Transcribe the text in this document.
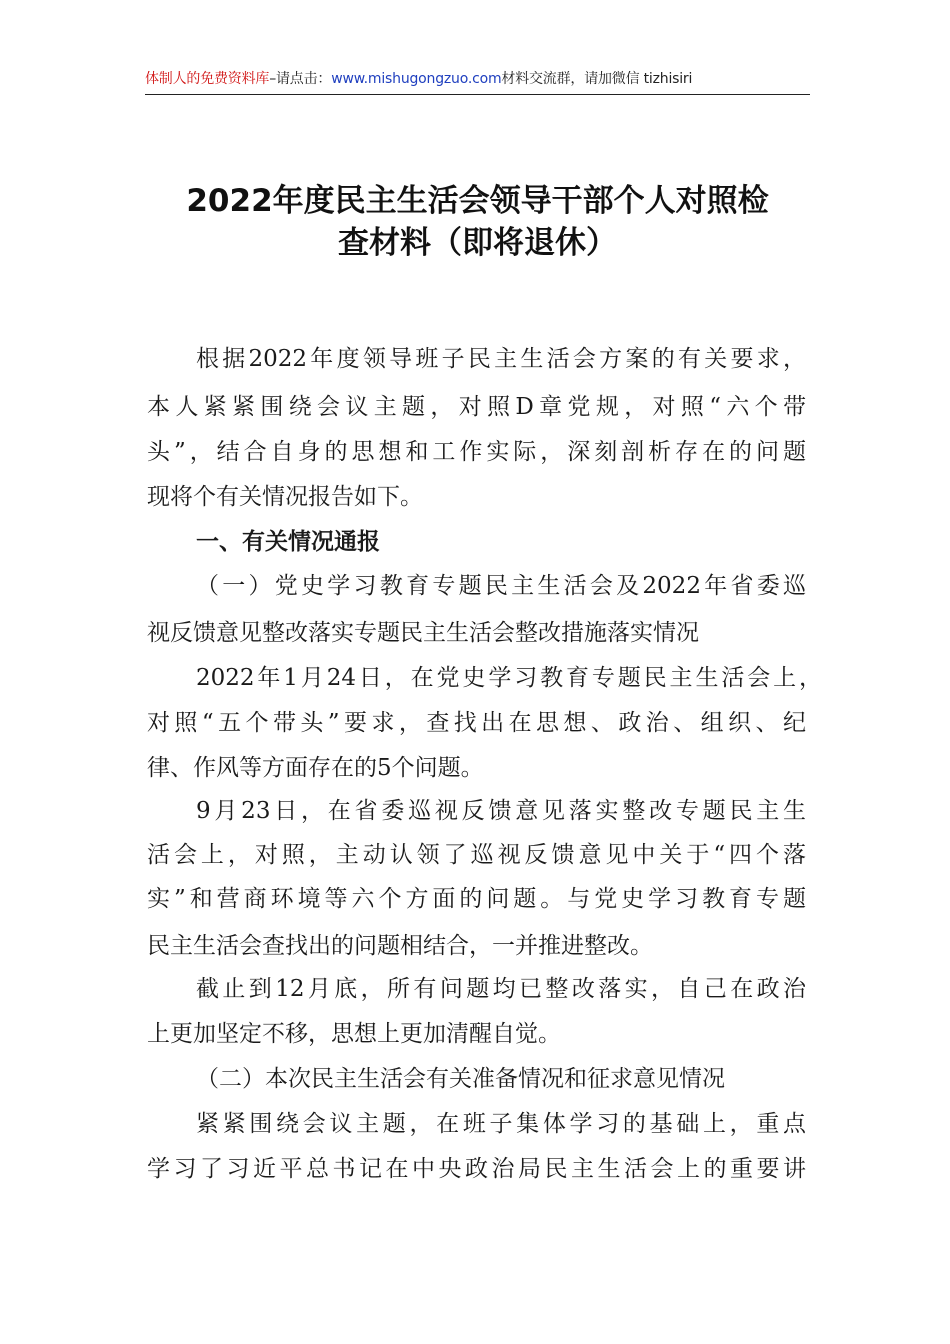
体制人的免费资料库–请点击：www.mishugongzuo.com材料交流群，请加微信 tizhisiri
2022年度民主生活会领导干部个人对照检
查材料（即将退休）
根据2022年度领导班子民主生活会方案的有关要求，
本人紧紧围绕会议主题，对照D章党规，对照“六个带
头”，结合自身的思想和工作实际，深刻剖析存在的问题
现将个有关情况报告如下。
一、有关情况通报
（一）党史学习教育专题民主生活会及2022年省委巡
视反馈意见整改落实专题民主生活会整改措施落实情况
2022年1月24日，在党史学习教育专题民主生活会上，
对照“五个带头”要求，查找出在思想、政治、组织、纪
律、作风等方面存在的5个问题。
9月23日，在省委巡视反馈意见落实整改专题民主生
活会上，对照，主动认领了巡视反馈意见中关于“四个落
实”和营商环境等六个方面的问题。与党史学习教育专题
民主生活会查找出的问题相结合，一并推进整改。
截止到12月底，所有问题均已整改落实，自己在政治
上更加坚定不移，思想上更加清醒自觉。
（二）本次民主生活会有关准备情况和征求意见情况
紧紧围绕会议主题，在班子集体学习的基础上，重点
学习了习近平总书记在中央政治局民主生活会上的重要讲
